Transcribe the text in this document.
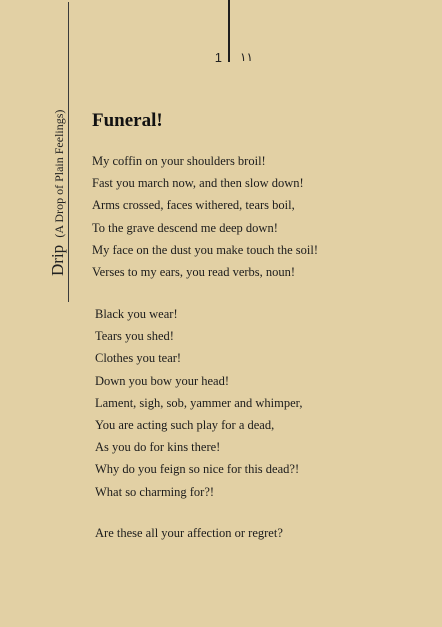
Drip (A Drop of Plain Feelings)
1 ١١
Funeral!
My coffin on your shoulders broil!
Fast you march now, and then slow down!
Arms crossed, faces withered, tears boil,
To the grave descend me deep down!
My face on the dust you make touch the soil!
Verses to my ears, you read verbs, noun!
Black you wear!
Tears you shed!
Clothes you tear!
Down you bow your head!
Lament, sigh, sob, yammer and whimper,
You are acting such play for a dead,
As you do for kins there!
Why do you feign so nice for this dead?!
What so charming for?!
Are these all your affection or regret?
